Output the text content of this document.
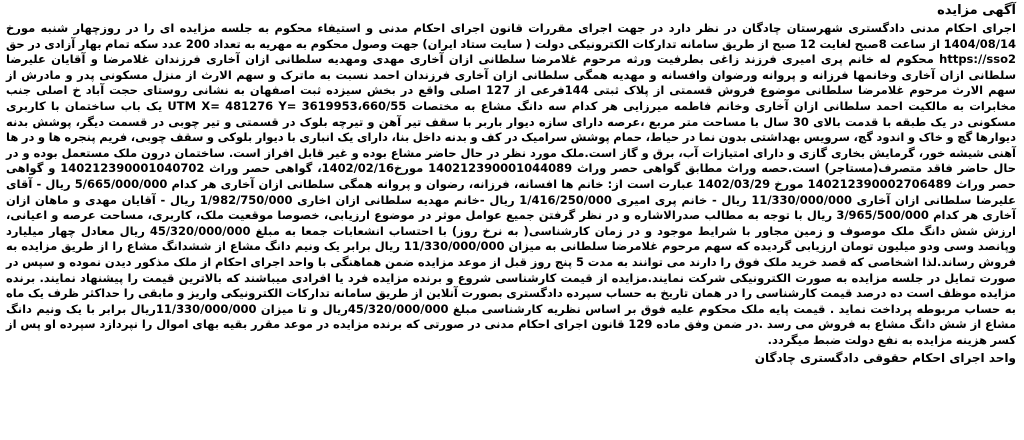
آگهی مزایده

اجرای احکام مدنی دادگستری شهرستان چادگان در نظر دارد در جهت اجرای مقررات قانون اجرای احکام مدنی و استیفاء محکوم به جلسه مزایده ای را در روزچهار شنبه مورخ 1404/08/14 از ساعت 8صبح لغایت 12 صبح از طریق سامانه تدارکات الکترونیکی دولت ( سایت ستاد ایران) جهت وصول محکوم به مهریه به تعداد 200 عدد سکه تمام بهار آزادی در حق https://sso2 محکوم له خانم پری امیری فرزند زاغی بطرفیت ورثه مرحوم غلامرضا سلطانی ازان آخاری مهدی ومهدیه سلطانی ازان آخاری فرزندان غلامرضا و آقایان علیرضا سلطانی ازان آخاری وخانمها فرزانه و پروانه ورضوان وافسانه و مهدیه همگی سلطانی ازان آخاری فرزندان احمد نسبت به ماترک و سهم الارث از منزل مسکونی پدر و مادرش از سهم الارث مرحوم غلامرضا سلطانی موضوع فروش قسمتی از پلاک ثبتی 144فرعی از 127 اصلی واقع در بخش سیزده ثبت اصفهان به نشانی روستای حجت آباد خ اصلی جنب مخابرات به مالکیت احمد سلطانی ازان آخاری وخانم فاطمه میرزایی هر کدام سه دانگ مشاع به مختصات UTM X= 481276 Y= 3619953،660/55 یک باب ساختمان با کاربری مسکونی در یک طبقه با قدمت بالای 30 سال با مساحت متر مربع ،عرصه دارای سازه دیوار باربر با سقف تیر آهن و تیرچه بلوک در قسمتی و تیر چوبی در قسمت دیگر، پوشش بدنه دیوارها گچ و خاک و اندود گچ، سرویس بهداشتی بدون نما در حیاط، حمام پوشش سرامیک در کف و بدنه داخل بنا، دارای یک انباری با دیوار بلوکی و سقف چوبی، فریم پنجره ها و در ها آهنی شیشه خور، گرمایش بخاری گازی و دارای امتیازات آب، برق و گاز است.ملک مورد نظر در حال حاضر مشاع بوده و غیر قابل افراز است. ساختمان درون ملک مستعمل بوده و در حال حاضر فاقد متصرف(مستاجر) است.حصه وراث مطابق گواهی حصر وراث 140212390001044089 مورخ1402/02/16، گواهی حصر وراث 140212390001040702 و گواهی حصر وراث 140212390002706489 مورخ 1402/03/29 عبارت است از: خانم ها افسانه، فرزانه، رضوان و پروانه همگی سلطانی ازان آخاری هر کدام 5/665/000/000 ریال - آقای علیرضا سلطانی ازان آخاری 11/330/000/000 ریال - خانم پری امیری 1/416/250/000 ریال -خانم مهدیه سلطانی ازان اخاری 1/982/750/000 ریال - آقایان مهدی و ماهان ازان آخاری هر کدام 3/965/500/000 ریال با توجه به مطالب صدرالاشاره و در نظر گرفتن جمیع عوامل موثر در موضوع ارزیابی، خصوصا موقعیت ملک، کاربری، مساحت عرصه و اعیانی، ارزش شش دانگ ملک موصوف و زمین مجاور با شرایط موجود و در زمان کارشناسی( به نرخ روز) با احتساب انشعابات جمعا به مبلغ 45/320/000/000 ریال معادل چهار میلیارد وپانصد وسی ودو میلیون تومان ارزیابی گردیده که سهم مرحوم غلامرضا سلطانی به میزان 11/330/000/000 ریال برابر یک ونیم دانگ مشاع از ششدانگ مشاع را از طریق مزایده به فروش رساند.لذا اشخاصی که قصد خرید ملک فوق را دارند می توانند به مدت 5 پنج روز قبل از موعد مزایده ضمن هماهنگی با واحد اجرای احکام از ملک مذکور دیدن نموده و سپس در صورت تمایل در جلسه مزایده به صورت الکترونیکی شرکت نمایند.مزایده از قیمت کارشناسی شروع و برنده مزایده فرد یا افرادی میباشند که بالاترین قیمت را پیشنهاد نمایند. برنده مزایده موظف است ده درصد قیمت کارشناسی را در همان تاریخ به حساب سپرده دادگستری بصورت آنلاین از طریق سامانه تدارکات الکترونیکی واریز و مابقی را حداکثر ظرف یک ماه به حساب مربوطه پرداخت نماید . قیمت پایه ملک محکوم علیه فوق بر اساس نظریه کارشناسی مبلغ 45/320/000/000ریال و تا میزان 11/330/000/000ریال برابر با یک ونیم دانگ مشاع از شش دانگ مشاع به فروش می رسد .در ضمن وفق ماده 129 قانون اجرای احکام مدنی در صورتی که برنده مزایده در موعد مقرر بقیه بهای اموال را نپردازد سپرده او پس از کسر هزینه مزایده به نفع دولت ضبط میگردد.

واحد اجرای احکام حقوقی دادگستری چادگان
